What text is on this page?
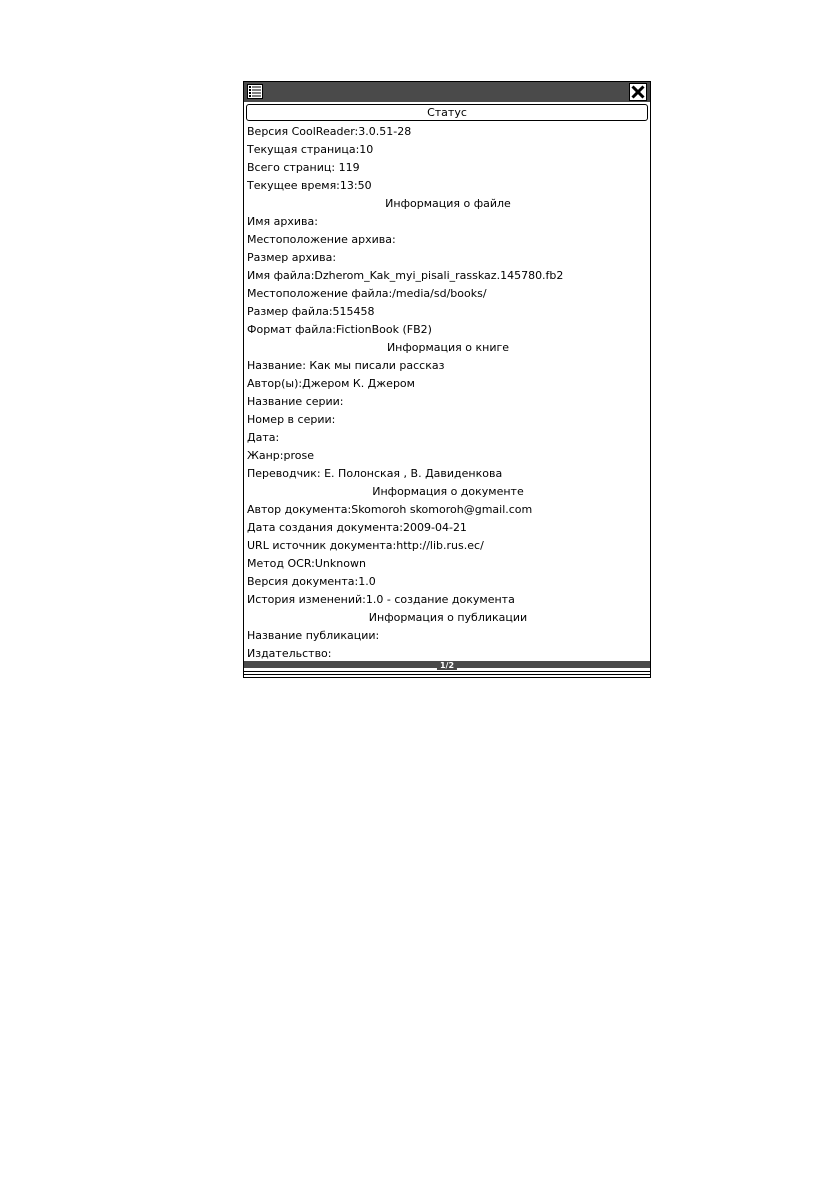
Статус
Версия CoolReader:3.0.51-28
Текущая страница:10
Всего страниц: 119
Текущее время:13:50
Информация о файле
Имя архива:
Местоположение архива:
Размер архива:
Имя файла:Dzherom_Kak_myi_pisali_rasskaz.145780.fb2
Местоположение файла:/media/sd/books/
Размер файла:515458
Формат файла:FictionBook (FB2)
Информация о книге
Название: Как мы писали рассказ
Автор(ы):Джером К. Джером
Название серии:
Номер в серии:
Дата:
Жанр:prose
Переводчик: Е. Полонская , В. Давиденкова
Информация о документе
Автор документа:Skomoroh skomoroh@gmail.com
Дата создания документа:2009-04-21
URL источник документа:http://lib.rus.ec/
Метод OCR:Unknown
Версия документа:1.0
История изменений:1.0 - создание документа
Информация о публикации
Название публикации:
Издательство:
1/2
